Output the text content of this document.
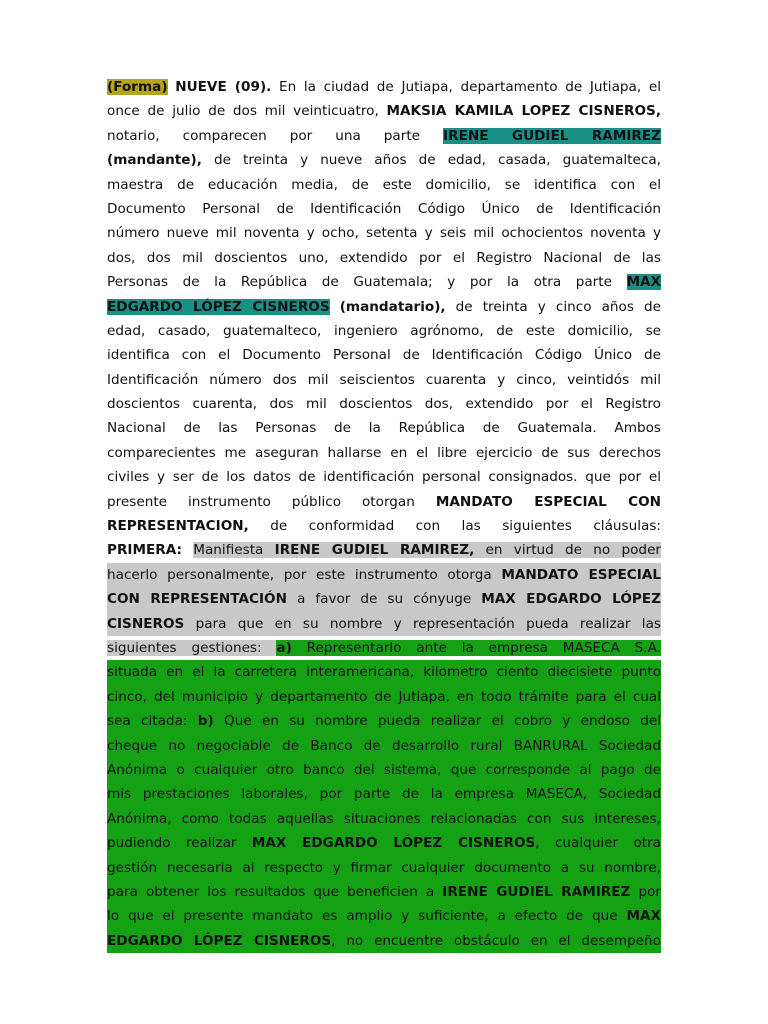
(Forma) NUEVE (09). En la ciudad de Jutiapa, departamento de Jutiapa, el
once de julio de dos mil veinticuatro, MAKSIA KAMILA LOPEZ CISNEROS,
notario, comparecen por una parte IRENE GUDIEL RAMIREZ
(mandante), de treinta y nueve años de edad, casada, guatemalteca,
maestra de educación media, de este domicilio, se identifica con el
Documento Personal de Identificación Código Único de Identificación
número nueve mil noventa y ocho, setenta y seis mil ochocientos noventa y
dos, dos mil doscientos uno, extendido por el Registro Nacional de las
Personas de la República de Guatemala; y por la otra parte MAX
EDGARDO LÓPEZ CISNEROS (mandatario), de treinta y cinco años de
edad, casado, guatemalteco, ingeniero agrónomo, de este domicilio, se
identifica con el Documento Personal de Identificación Código Único de
Identificación número dos mil seiscientos cuarenta y cinco, veintidós mil
doscientos cuarenta, dos mil doscientos dos, extendido por el Registro
Nacional de las Personas de la República de Guatemala. Ambos
comparecientes me aseguran hallarse en el libre ejercicio de sus derechos
civiles y ser de los datos de identificación personal consignados. que por el
presente instrumento público otorgan MANDATO ESPECIAL CON
REPRESENTACION, de conformidad con las siguientes cláusulas:
PRIMERA: Manifiesta IRENE GUDIEL RAMIREZ, en virtud de no poder
hacerlo personalmente, por este instrumento otorga MANDATO ESPECIAL
CON REPRESENTACIÓN a favor de su cónyuge MAX EDGARDO LÓPEZ
CISNEROS para que en su nombre y representación pueda realizar las
siguientes gestiones: a) Representarlo ante la empresa MASECA S.A.
situada en el la carretera interamericana, kilometro ciento diecisiete punto
cinco, del municipio y departamento de Jutiapa, en todo trámite para el cual
sea citada: b) Que en su nombre pueda realizar el cobro y endoso del
cheque no negociable de Banco de desarrollo rural BANRURAL Sociedad
Anónima o cualquier otro banco del sistema, que corresponde al pago de
mis prestaciones laborales, por parte de la empresa MASECA, Sociedad
Anónima, como todas aquellas situaciones relacionadas con sus intereses,
pudiendo realizar MAX EDGARDO LÓPEZ CISNEROS, cualquier otra
gestión necesaria al respecto y firmar cualquier documento a su nombre,
para obtener los resultados que beneficien a IRENE GUDIEL RAMIREZ por
lo que el presente mandato es amplio y suficiente, a efecto de que MAX
EDGARDO LÓPEZ CISNEROS, no encuentre obstáculo en el desempeño
